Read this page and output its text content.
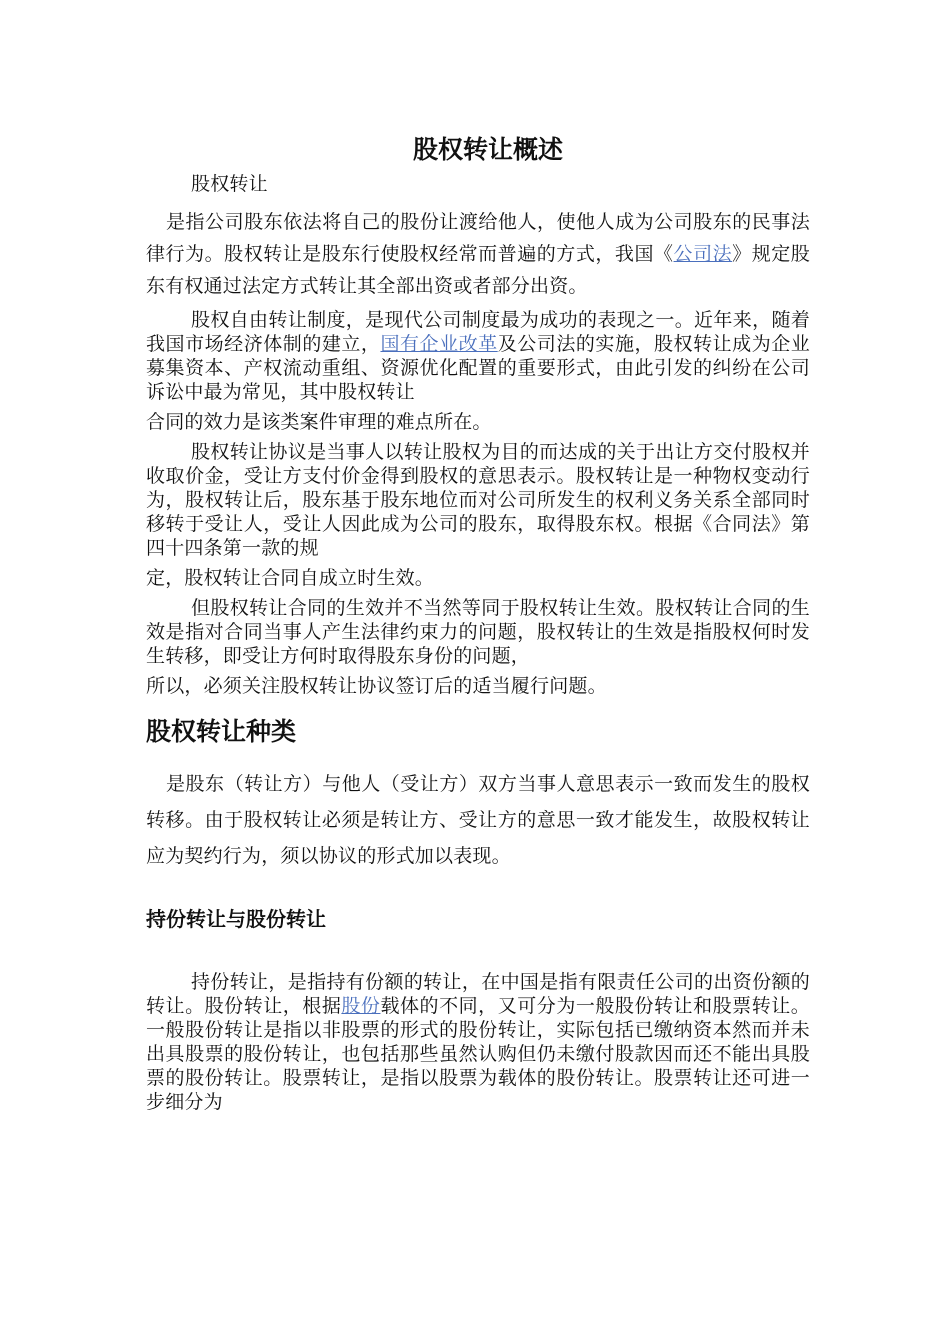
股权转让概述

股权转让

是指公司股东依法将自己的股份让渡给他人，使他人成为公司股东的民事法律行为。股权转让是股东行使股权经常而普遍的方式，我国《公司法》规定股东有权通过法定方式转让其全部出资或者部分出资。

股权自由转让制度，是现代公司制度最为成功的表现之一。近年来，随着我国市场经济体制的建立，国有企业改革及公司法的实施，股权转让成为企业募集资本、产权流动重组、资源优化配置的重要形式，由此引发的纠纷在公司诉讼中最为常见，其中股权转让
合同的效力是该类案件审理的难点所在。

股权转让协议是当事人以转让股权为目的而达成的关于出让方交付股权并收取价金，受让方支付价金得到股权的意思表示。股权转让是一种物权变动行为，股权转让后，股东基于股东地位而对公司所发生的权利义务关系全部同时移转于受让人，受让人因此成为公司的股东，取得股东权。根据《合同法》第四十四条第一款的规
定，股权转让合同自成立时生效。

但股权转让合同的生效并不当然等同于股权转让生效。股权转让合同的生效是指对合同当事人产生法律约束力的问题，股权转让的生效是指股权何时发生转移，即受让方何时取得股东身份的问题，
所以，必须关注股权转让协议签订后的适当履行问题。

股权转让种类

是股东（转让方）与他人（受让方）双方当事人意思表示一致而发生的股权转移。由于股权转让必须是转让方、受让方的意思一致才能发生，故股权转让应为契约行为，须以协议的形式加以表现。

持份转让与股份转让

持份转让，是指持有份额的转让，在中国是指有限责任公司的出资份额的转让。股份转让，根据股份载体的不同，又可分为一般股份转让和股票转让。一般股份转让是指以非股票的形式的股份转让，实际包括已缴纳资本然而并未出具股票的股份转让，也包括那些虽然认购但仍未缴付股款因而还不能出具股票的股份转让。股票转让，是指以股票为载体的股份转让。股票转让还可进一步细分为
